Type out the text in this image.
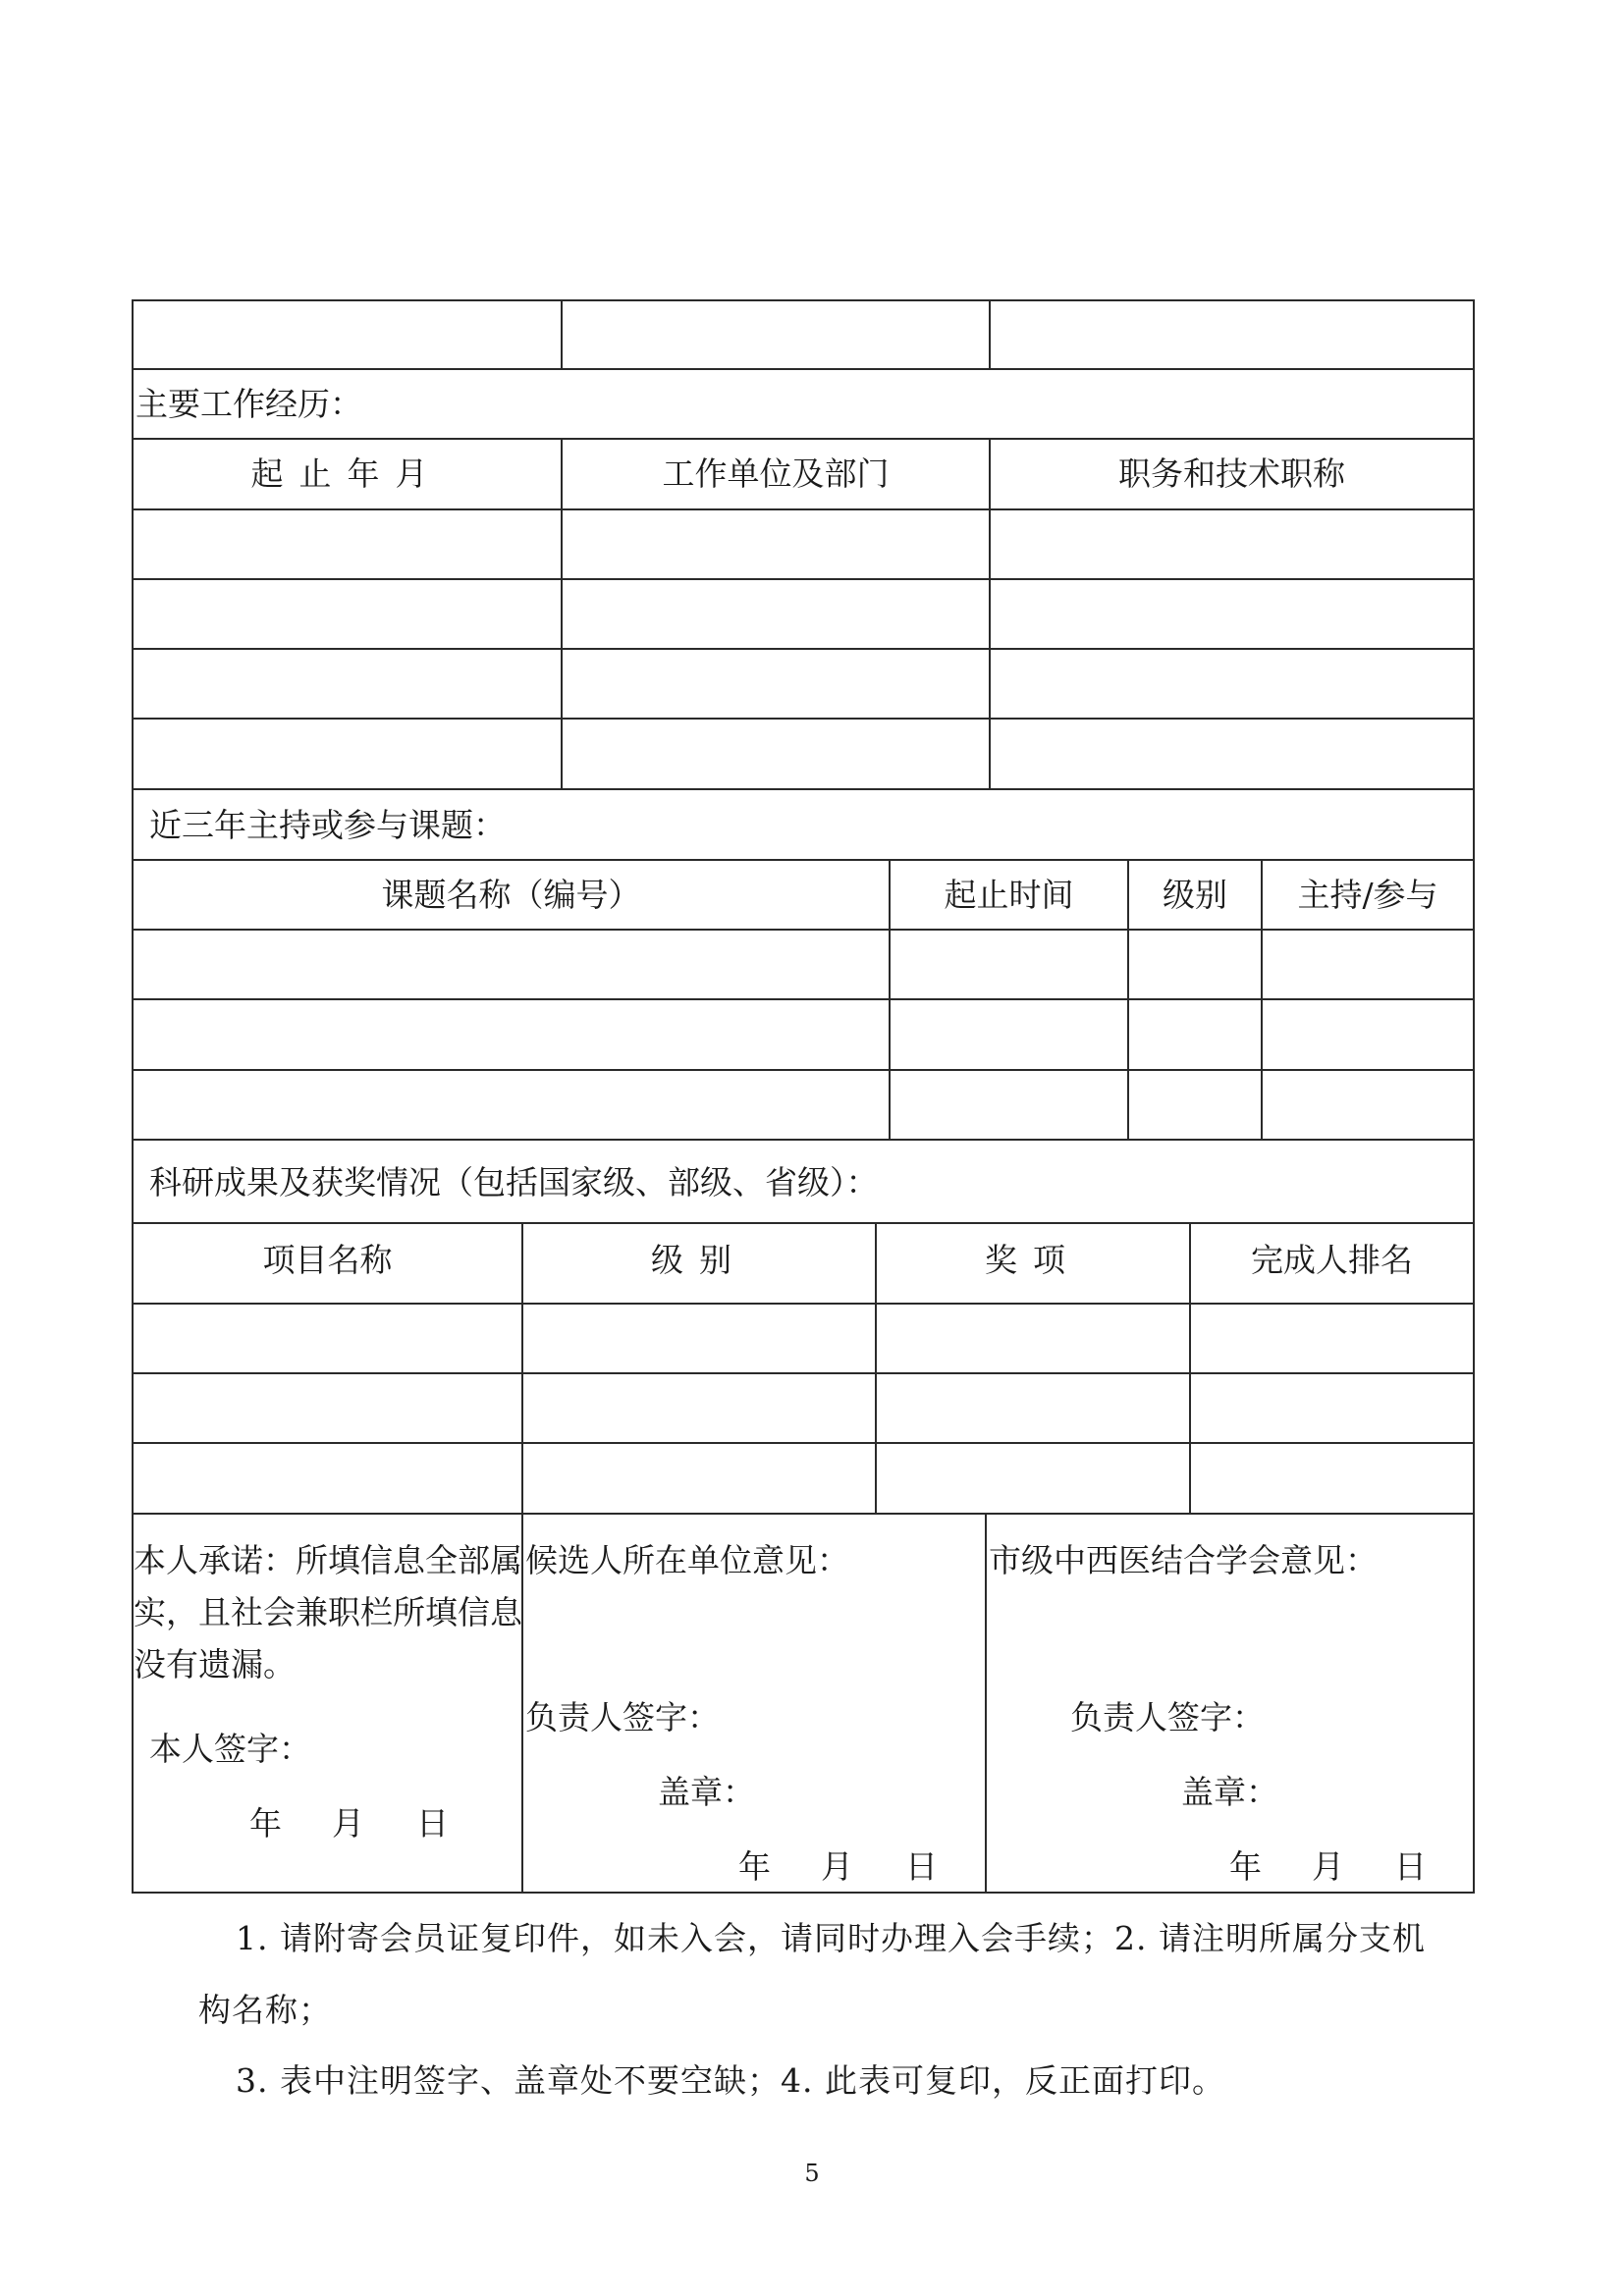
主要工作经历：
起止年月	工作单位及部门	职务和技术职称
近三年主持或参与课题：
课题名称（编号）	起止时间	级别	主持/参与
科研成果及获奖情况（包括国家级、部级、省级）：
项目名称	级别	奖项	完成人排名
本人承诺：所填信息全部属
实，且社会兼职栏所填信息
没有遗漏。
本人签字：
年 月 日
候选人所在单位意见：
负责人签字：
盖章：
年 月 日
市级中西医结合学会意见：
负责人签字：
盖章：
年 月 日
1. 请附寄会员证复印件，如未入会，请同时办理入会手续；2. 请注明所属分支机
构名称；
3. 表中注明签字、盖章处不要空缺；4. 此表可复印，反正面打印。
5
